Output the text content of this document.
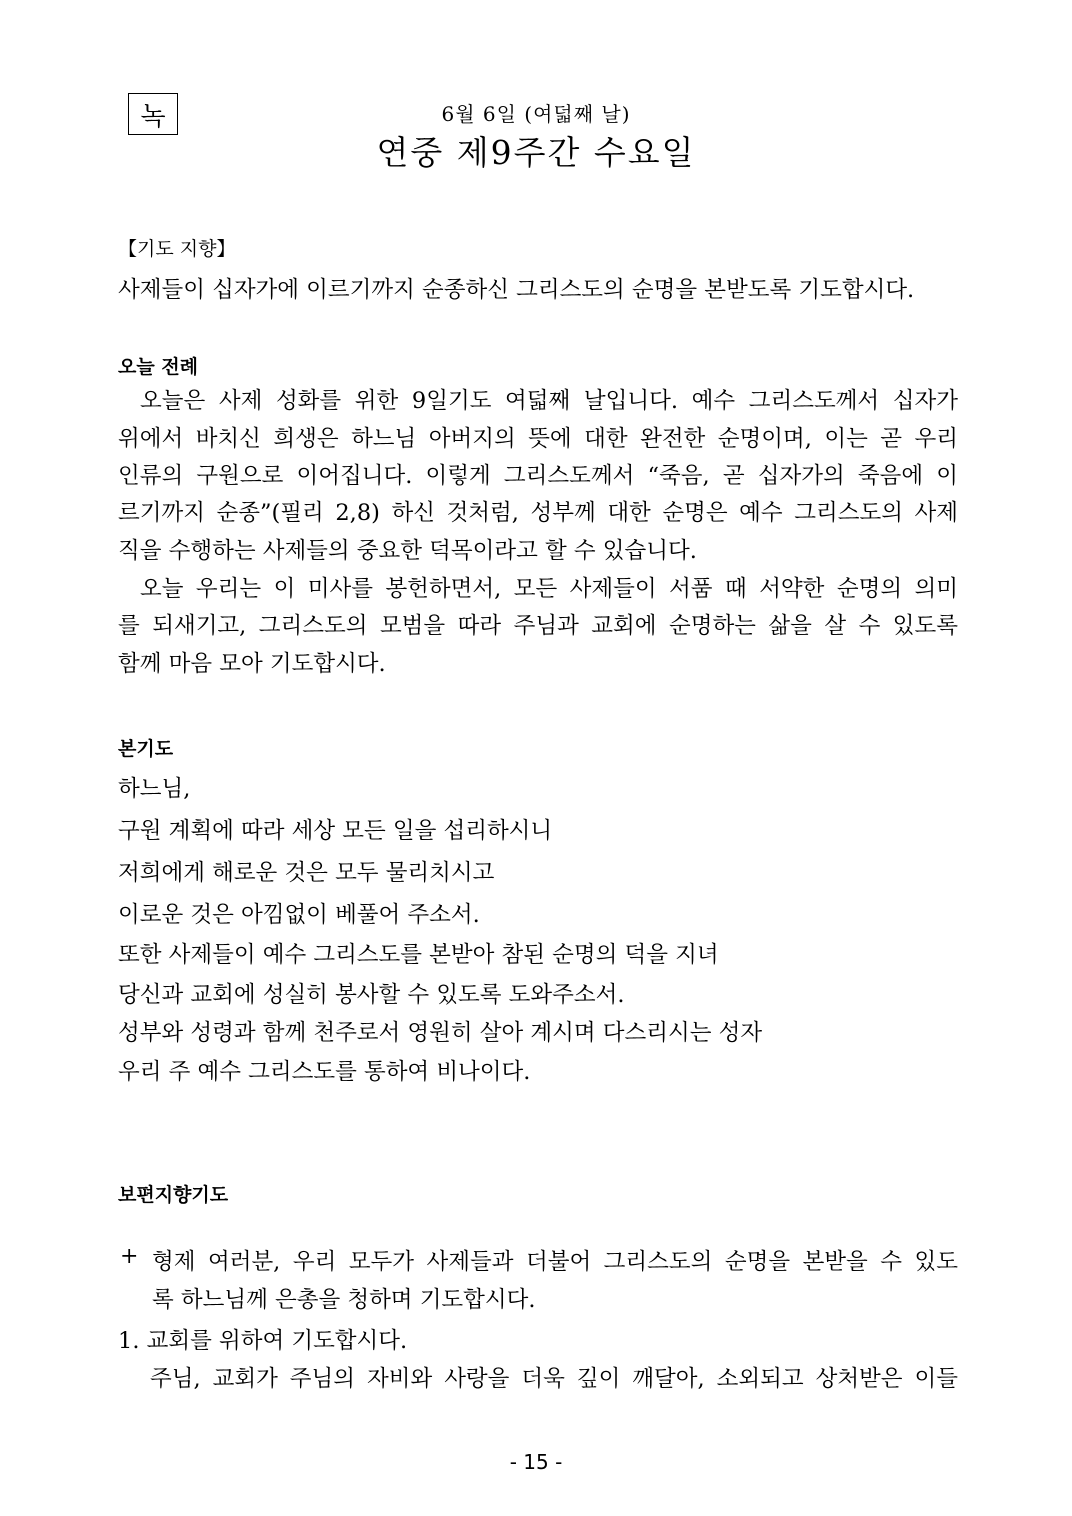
녹	6월 6일 (여덟째 날)
연중 제9주간 수요일
【기도 지향】
사제들이 십자가에 이르기까지 순종하신 그리스도의 순명을 본받도록 기도합시다.
오늘 전례
오늘은 사제 성화를 위한 9일기도 여덟째 날입니다. 예수 그리스도께서 십자가
위에서 바치신 희생은 하느님 아버지의 뜻에 대한 완전한 순명이며, 이는 곧 우리
인류의 구원으로 이어집니다. 이렇게 그리스도께서 “죽음, 곧 십자가의 죽음에 이
르기까지 순종”(필리 2,8) 하신 것처럼, 성부께 대한 순명은 예수 그리스도의 사제
직을 수행하는 사제들의 중요한 덕목이라고 할 수 있습니다.
오늘 우리는 이 미사를 봉헌하면서, 모든 사제들이 서품 때 서약한 순명의 의미
를 되새기고, 그리스도의 모범을 따라 주님과 교회에 순명하는 삶을 살 수 있도록
함께 마음 모아 기도합시다.
본기도
하느님,
구원 계획에 따라 세상 모든 일을 섭리하시니
저희에게 해로운 것은 모두 물리치시고
이로운 것은 아낌없이 베풀어 주소서.
또한 사제들이 예수 그리스도를 본받아 참된 순명의 덕을 지녀
당신과 교회에 성실히 봉사할 수 있도록 도와주소서.
성부와 성령과 함께 천주로서 영원히 살아 계시며 다스리시는 성자
우리 주 예수 그리스도를 통하여 비나이다.
보편지향기도
+ 형제 여러분, 우리 모두가 사제들과 더불어 그리스도의 순명을 본받을 수 있도
록 하느님께 은총을 청하며 기도합시다.
1. 교회를 위하여 기도합시다.
주님, 교회가 주님의 자비와 사랑을 더욱 깊이 깨달아, 소외되고 상처받은 이들
- 15 -
